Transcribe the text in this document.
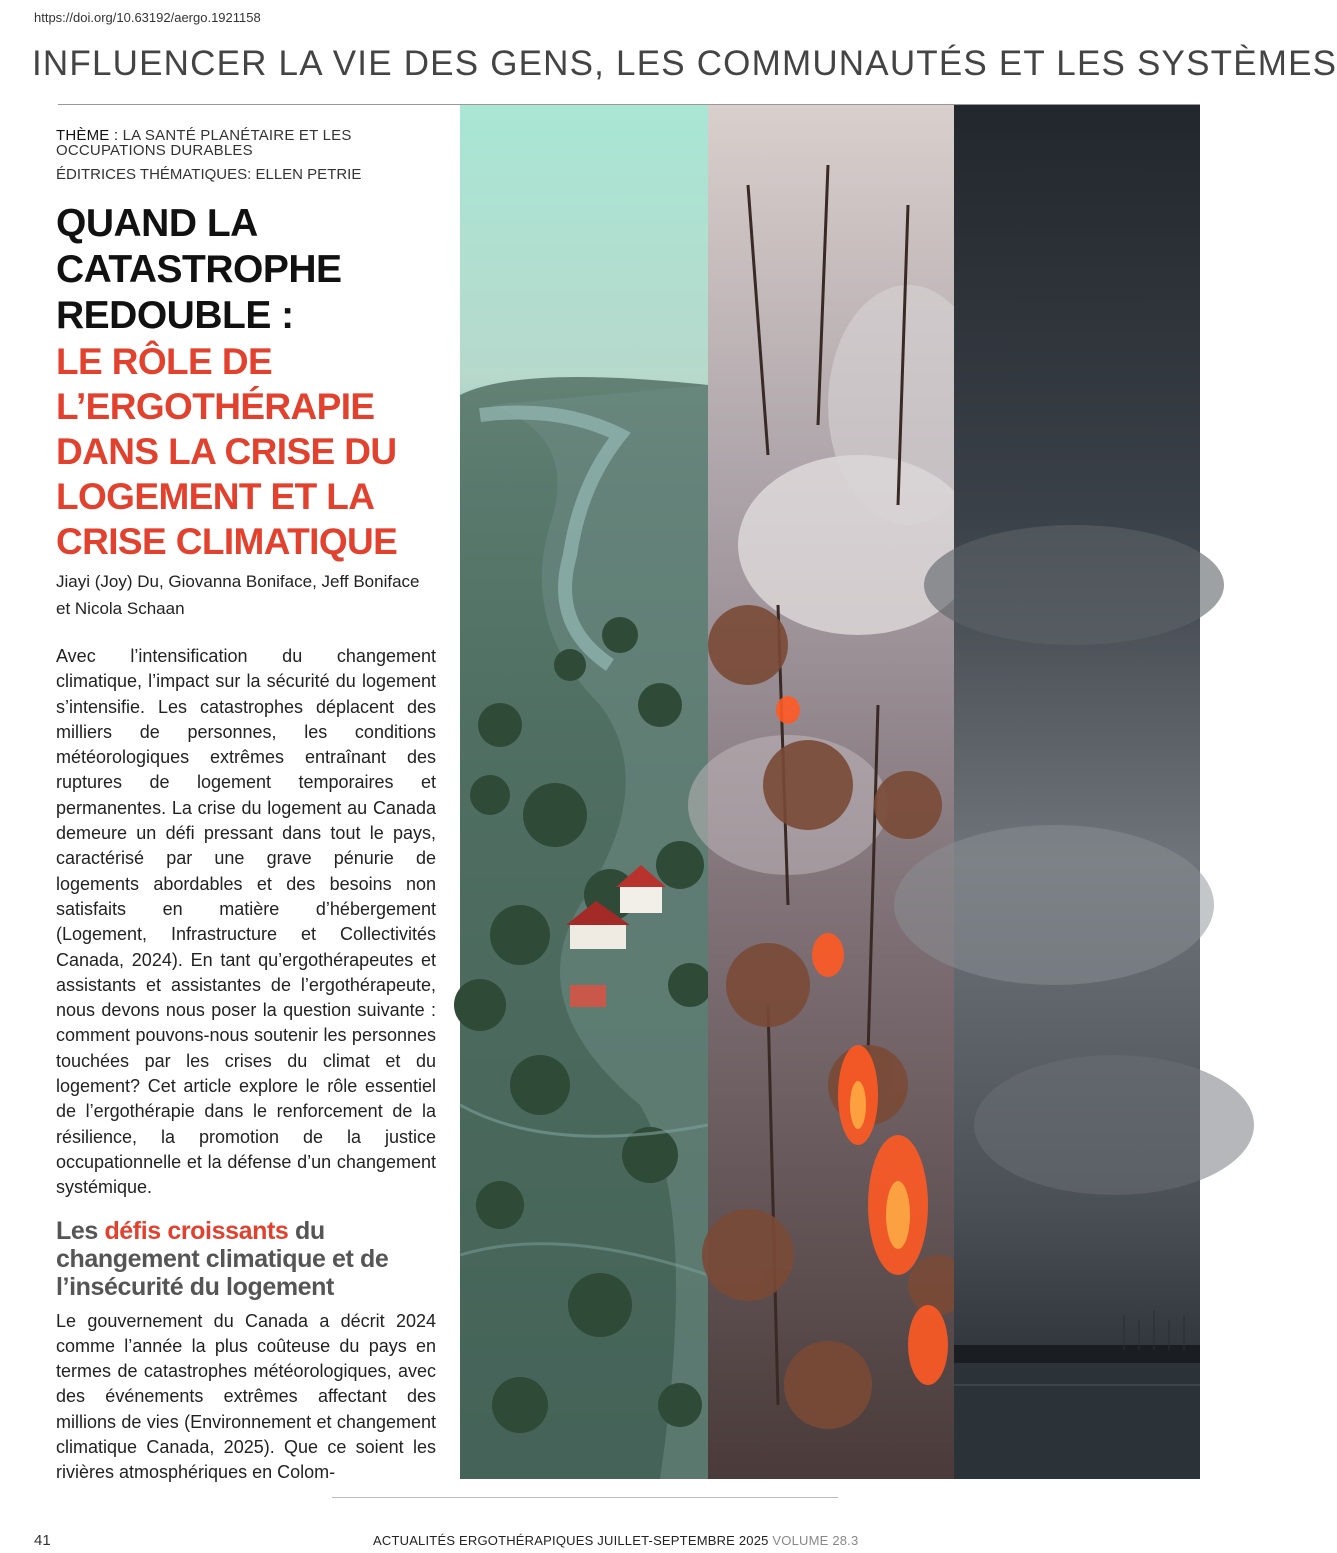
https://doi.org/10.63192/aergo.1921158
INFLUENCER LA VIE DES GENS, LES COMMUNAUTÉS ET LES SYSTÈMES
THÈME : LA SANTÉ PLANÉTAIRE ET LES OCCUPATIONS DURABLES
ÉDITRICES THÉMATIQUES: ELLEN PETRIE
QUAND LA CATASTROPHE REDOUBLE :
LE RÔLE DE L’ERGOTHÉRAPIE DANS LA CRISE DU LOGEMENT ET LA CRISE CLIMATIQUE
Jiayi (Joy) Du, Giovanna Boniface, Jeff Boniface et Nicola Schaan
Avec l’intensification du changement climatique, l’impact sur la sécurité du logement s’intensifie. Les catastrophes déplacent des milliers de personnes, les conditions météorologiques extrêmes entraînant des ruptures de logement temporaires et permanentes. La crise du logement au Canada demeure un défi pressant dans tout le pays, caractérisé par une grave pénurie de logements abordables et des besoins non satisfaits en matière d’hébergement (Logement, Infrastructure et Collectivités Canada, 2024). En tant qu’ergothérapeutes et assistants et assistantes de l’ergothérapeute, nous devons nous poser la question suivante : comment pouvons-nous soutenir les personnes touchées par les crises du climat et du logement? Cet article explore le rôle essentiel de l’ergothérapie dans le renforcement de la résilience, la promotion de la justice occupationnelle et la défense d’un changement systémique.
Les défis croissants du changement climatique et de l’insécurité du logement
Le gouvernement du Canada a décrit 2024 comme l’année la plus coûteuse du pays en termes de catastrophes météorologiques, avec des événements extrêmes affectant des millions de vies (Environnement et changement climatique Canada, 2025). Que ce soient les rivières atmosphériques en Colom-
41	ACTUALITÉS ERGOTHÉRAPIQUES JUILLET-SEPTEMBRE 2025 VOLUME 28.3
